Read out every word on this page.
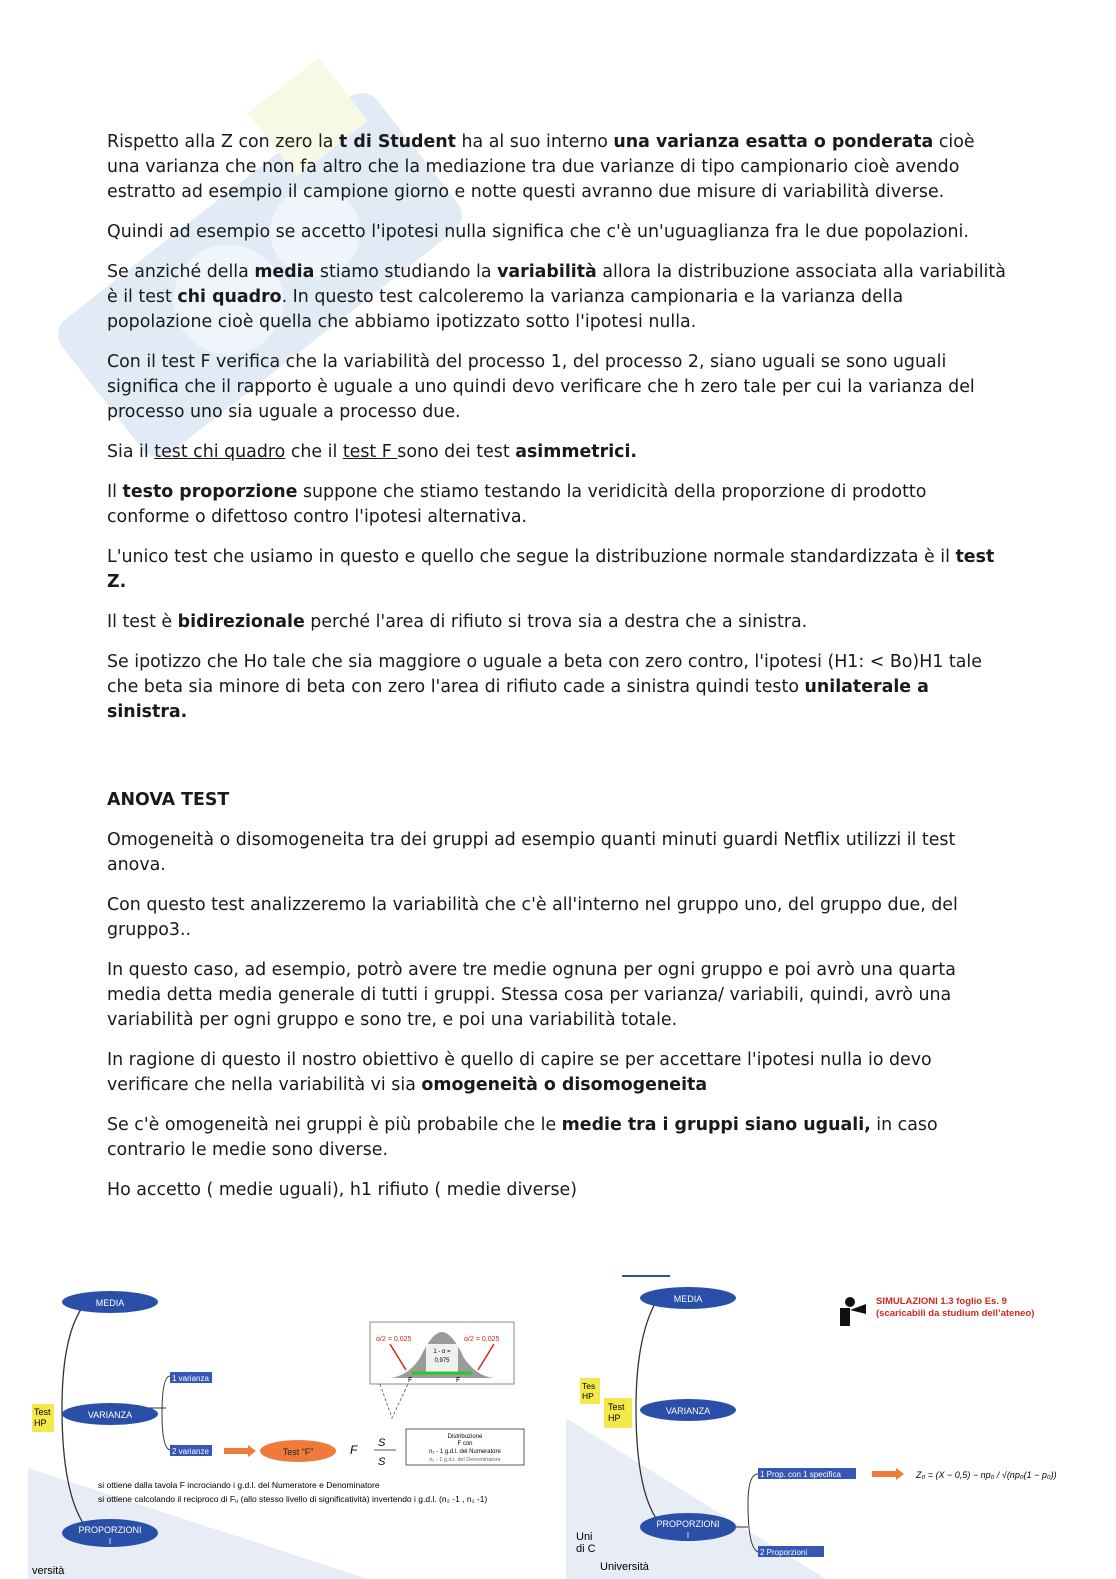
Rispetto alla Z con zero la t di Student ha al suo interno una varianza esatta o ponderata cioè una varianza che non fa altro che la mediazione tra due varianze di tipo campionario cioè avendo estratto ad esempio il campione giorno e notte questi avranno due misure di variabilità diverse.

Quindi ad esempio se accetto l'ipotesi nulla significa che c'è un'uguaglianza fra le due popolazioni.

Se anziché della media stiamo studiando la variabilità allora la distribuzione associata alla variabilità è il test chi quadro. In questo test calcoleremo la varianza campionaria e la varianza della popolazione cioè quella che abbiamo ipotizzato sotto l'ipotesi nulla.

Con il test F verifica che la variabilità del processo 1, del processo 2, siano uguali se sono uguali significa che il rapporto è uguale a uno quindi devo verificare che h zero tale per cui la varianza del processo uno sia uguale a processo due.

Sia il test chi quadro che il test F sono dei test asimmetrici.

Il testo proporzione suppone che stiamo testando la veridicità della proporzione di prodotto conforme o difettoso contro l'ipotesi alternativa.

L'unico test che usiamo in questo e quello che segue la distribuzione normale standardizzata è il test Z.

Il test è bidirezionale perché l'area di rifiuto si trova sia a destra che a sinistra.

Se ipotizzo che Ho tale che sia maggiore o uguale a beta con zero contro, l'ipotesi (H1: < Bo)H1 tale che beta sia minore di beta con zero l'area di rifiuto cade a sinistra quindi testo unilaterale a sinistra.

ANOVA TEST

Omogeneità o disomogeneita tra dei gruppi ad esempio quanti minuti guardi Netflix utilizzi il test anova.

Con questo test analizzeremo la variabilità che c'è all'interno nel gruppo uno, del gruppo due, del gruppo3..

In questo caso, ad esempio, potrò avere tre medie ognuna per ogni gruppo e poi avrò una quarta media detta media generale di tutti i gruppi. Stessa cosa per varianza/ variabili, quindi, avrò una variabilità per ogni gruppo e sono tre, e poi una variabilità totale.

In ragione di questo il nostro obiettivo è quello di capire se per accettare l'ipotesi nulla io devo verificare che nella variabilità vi sia omogeneità o disomogeneita

Se c'è omogeneità nei gruppi è più probabile che le medie tra i gruppi siano uguali, in caso contrario le medie sono diverse.

Ho accetto ( medie uguali), h1 rifiuto ( medie diverse)

Test
HP
MEDIA
VARIANZA
PROPORZIONI
I
1 varianza
2 varianze	Test “F”
1 - α =
0,975
α/2 = 0,025	α/2 = 0,025
F	F
F S
S
Distribuzione
F con
n₁ - 1 g.d.l. del Numeratore
n₂ - 1 g.d.l. del Denominatore
si ottiene dalla tavola F incrociando i g.d.l. del Numeratore e Denominatore
si ottiene calcolando il reciproco di Fᵤ (allo stesso livello di significatività) invertendo i g.d.l. (n₂ -1 , n₁ -1)
versità
Tes
HP
Test
HP
MEDIA
VARIANZA
PROPORZIONI
I
1 Prop. con 1 specifica
2 Proporzioni
Z₀ = (X − 0,5) − np₀ / √(np₀(1 − p₀))
SIMULAZIONI 1.3 foglio Es. 9
(scaricabili da studium dell’ateneo)
Uni
di C
Università
